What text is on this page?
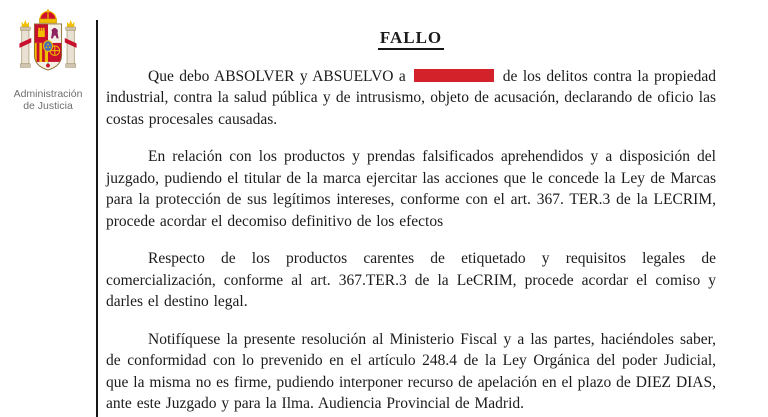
Administración
de Justicia
FALLO

Que debo ABSOLVER y ABSUELVO a	de los delitos contra la propiedad industrial, contra la salud pública y de intrusismo, objeto de acusación, declarando de oficio las costas procesales causadas.

En relación con los productos y prendas falsificados aprehendidos y a disposición del juzgado, pudiendo el titular de la marca ejercitar las acciones que le concede la Ley de Marcas para la protección de sus legítimos intereses, conforme con el art. 367. TER.3 de la LECRIM, procede acordar el decomiso definitivo de los efectos

Respecto de los productos carentes de etiquetado y requisitos legales de comercialización, conforme al art. 367.TER.3 de la LeCRIM, procede acordar el comiso y darles el destino legal.

Notifíquese la presente resolución al Ministerio Fiscal y a las partes, haciéndoles saber, de conformidad con lo prevenido en el artículo 248.4 de la Ley Orgánica del poder Judicial, que la misma no es firme, pudiendo interponer recurso de apelación en el plazo de DIEZ DIAS, ante este Juzgado y para la Ilma. Audiencia Provincial de Madrid.
